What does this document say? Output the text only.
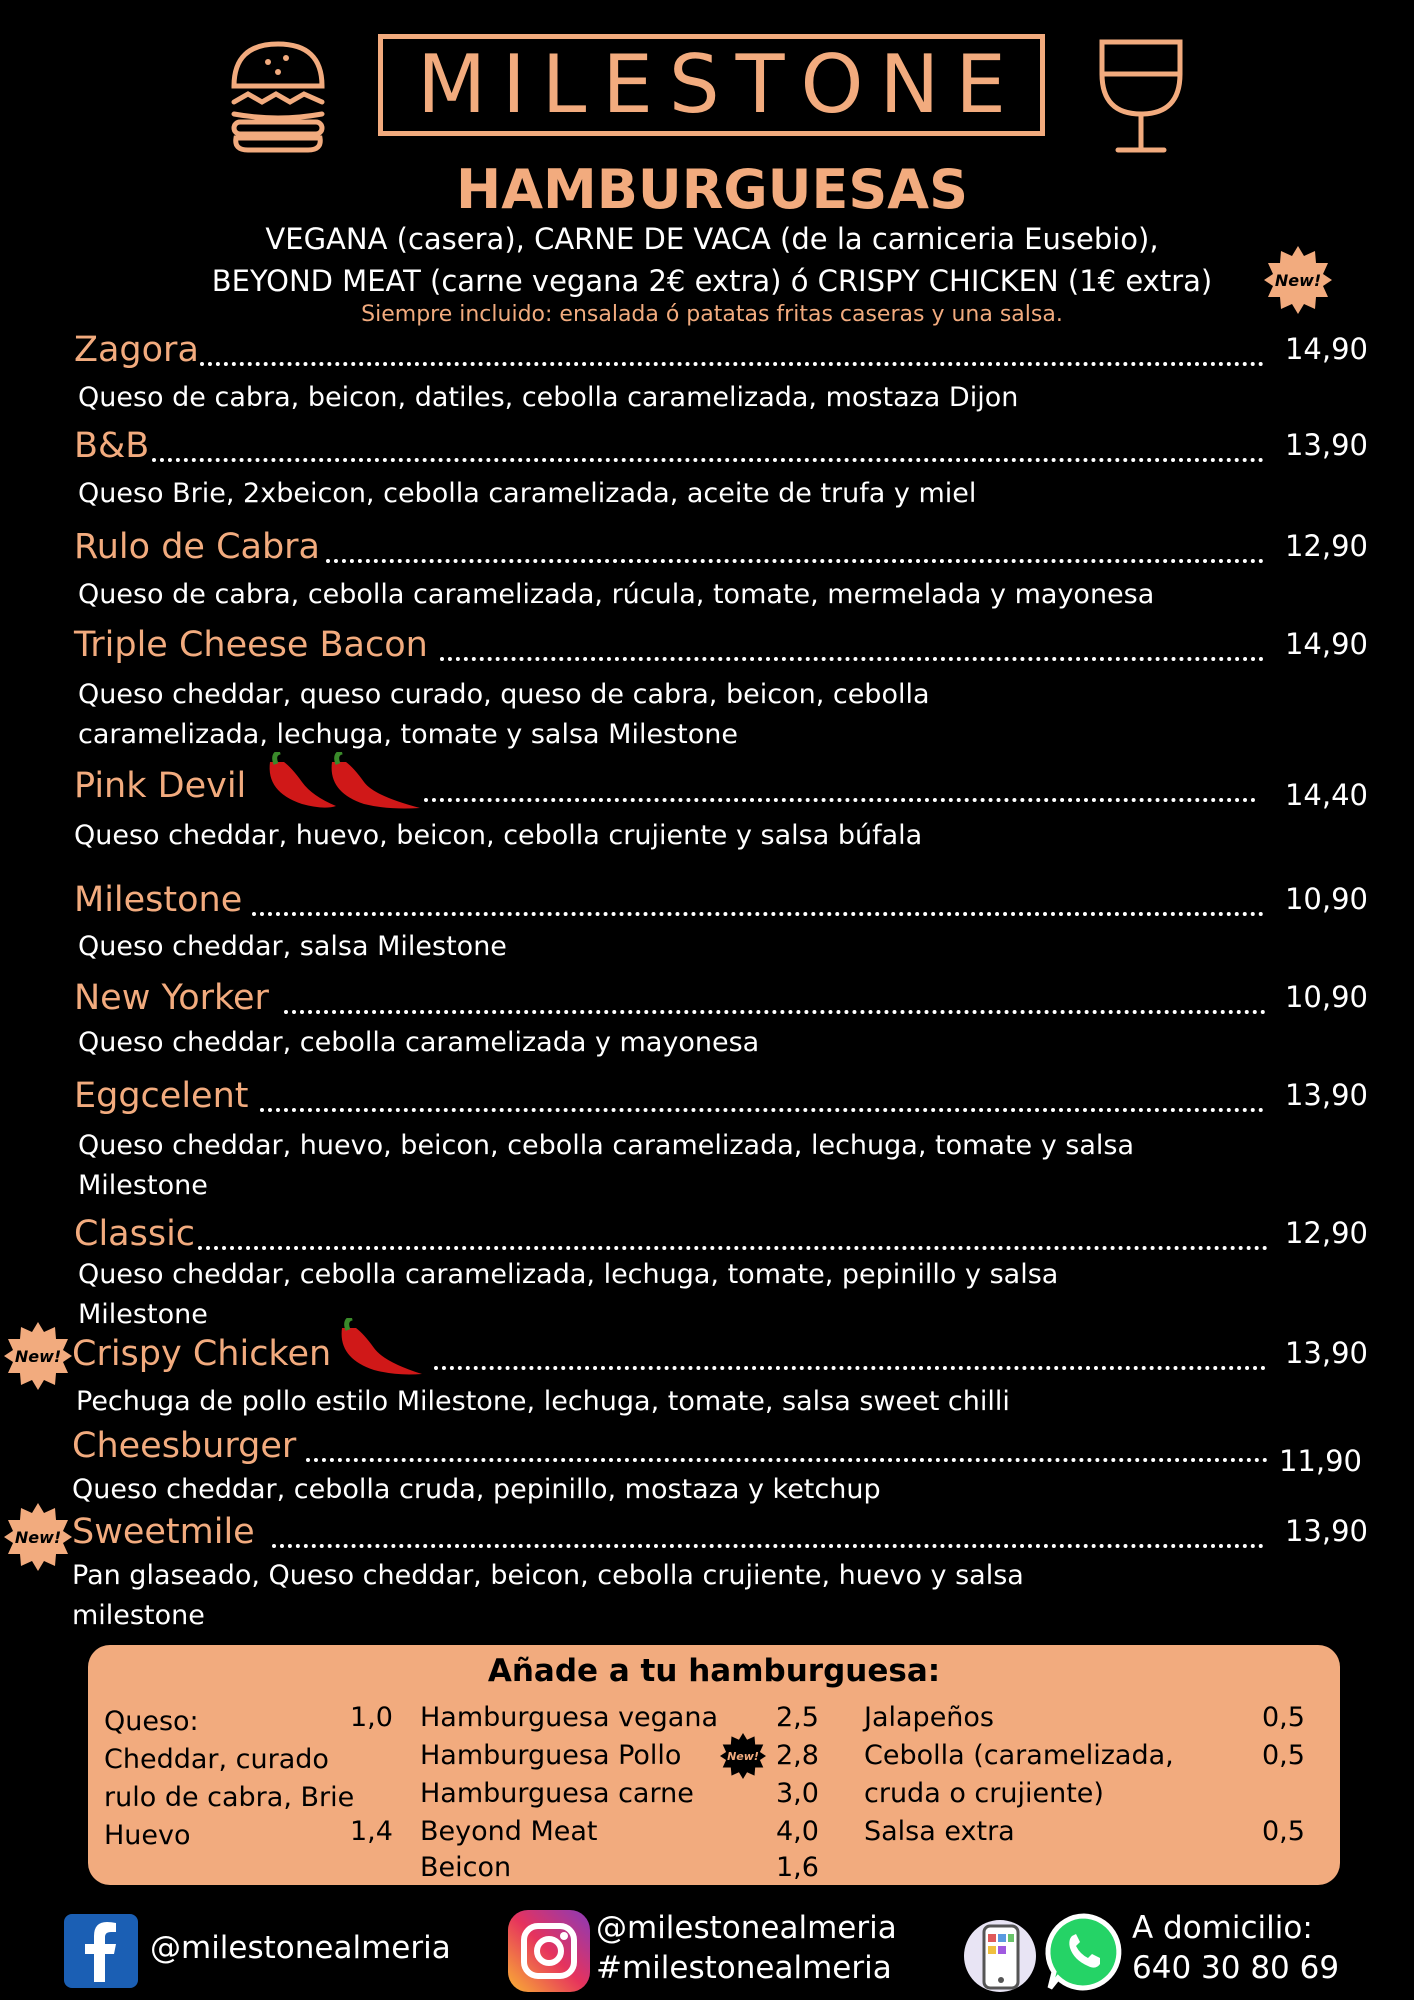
MILESTONE
HAMBURGUESAS
VEGANA (casera), CARNE DE VACA (de la carniceria Eusebio),
BEYOND MEAT (carne vegana 2€ extra) ó CRISPY CHICKEN (1€ extra)	New!
Siempre incluido: ensalada ó patatas fritas caseras y una salsa.
Zagora	14,90
Queso de cabra, beicon, datiles, cebolla caramelizada, mostaza Dijon
B&B	13,90
Queso Brie, 2xbeicon, cebolla caramelizada, aceite de trufa y miel
Rulo de Cabra	12,90
Queso de cabra, cebolla caramelizada, rúcula, tomate, mermelada y mayonesa
Triple Cheese Bacon	14,90
Queso cheddar, queso curado, queso de cabra, beicon, cebolla caramelizada, lechuga, tomate y salsa Milestone
Pink Devil	14,40
Queso cheddar, huevo, beicon, cebolla crujiente y salsa búfala
Milestone	10,90
Queso cheddar, salsa Milestone
New Yorker	10,90
Queso cheddar, cebolla caramelizada y mayonesa
Eggcelent	13,90
Queso cheddar, huevo, beicon, cebolla caramelizada, lechuga, tomate y salsa Milestone
Classic	12,90
Queso cheddar, cebolla caramelizada, lechuga, tomate, pepinillo y salsa Milestone
New! Crispy Chicken	13,90
Pechuga de pollo estilo Milestone, lechuga, tomate, salsa sweet chilli
Cheesburger	11,90
Queso cheddar, cebolla cruda, pepinillo, mostaza y ketchup
New! Sweetmile	13,90
Pan glaseado, Queso cheddar, beicon, cebolla crujiente, huevo y salsa milestone
Añade a tu hamburguesa:
Queso:	1,0
Cheddar, curado
rulo de cabra, Brie
Huevo	1,4
Hamburguesa vegana 2,5
Hamburguesa Pollo	New! 2,8
Hamburguesa carne	3,0
Beyond Meat	4,0
Beicon	1,6
Jalapeños	0,5
Cebolla (caramelizada,	0,5
cruda o crujiente)
Salsa extra	0,5
@milestonealmeria
@milestonealmeria
#milestonealmeria
A domicilio:
640 30 80 69
